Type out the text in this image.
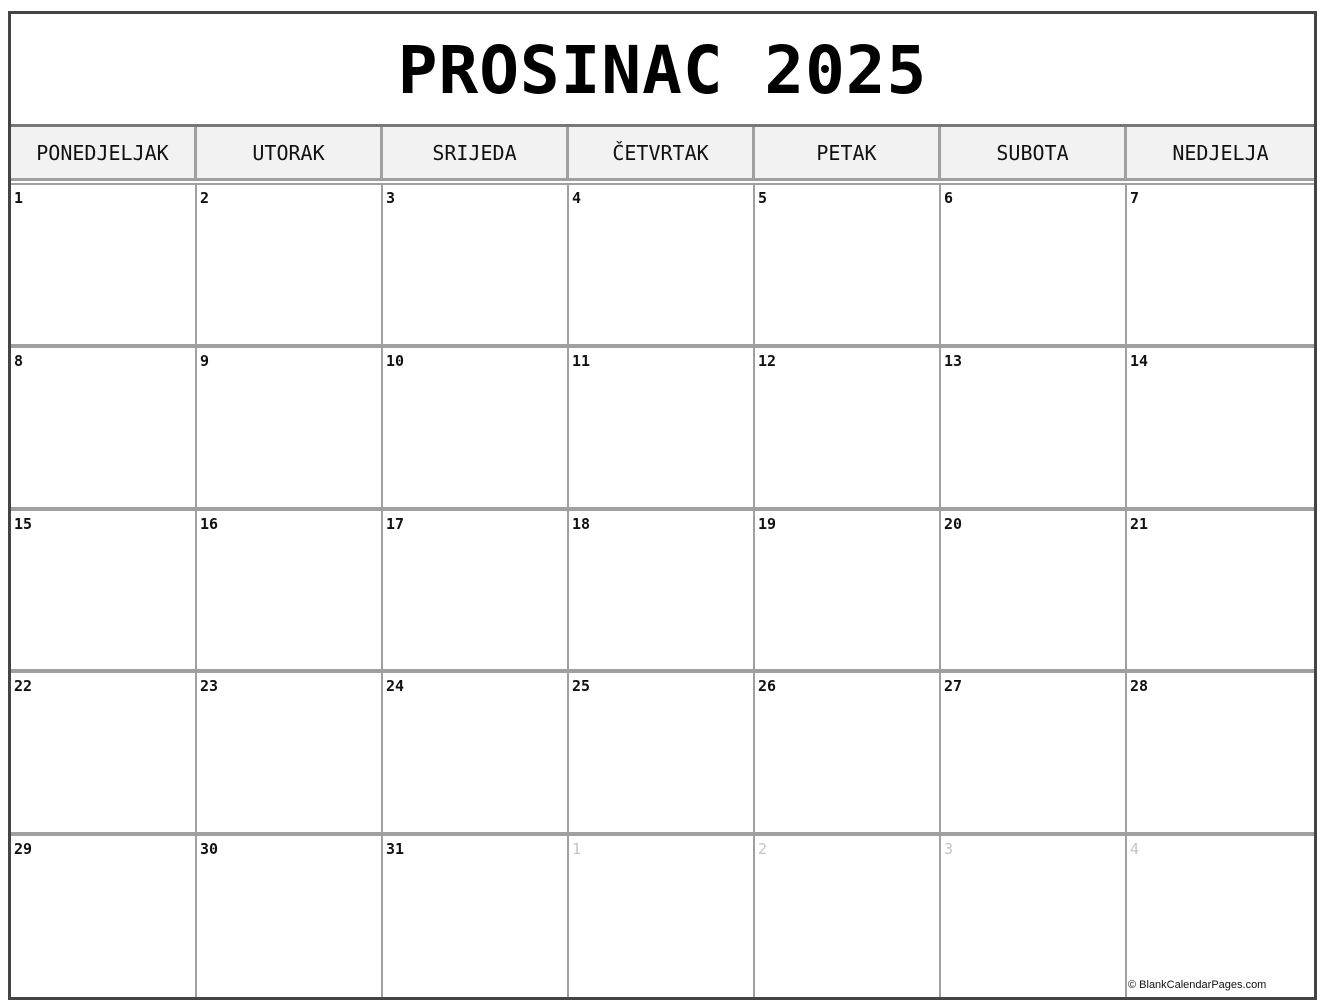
PROSINAC 2025
PONEDJELJAK	UTORAK	SRIJEDA	ČETVRTAK	PETAK	SUBOTA	NEDJELJA
1	2	3	4	5	6	7
8	9	10	11	12	13	14
15	16	17	18	19	20	21
22	23	24	25	26	27	28
29	30	31	1	2	3	4
© BlankCalendarPages.com
